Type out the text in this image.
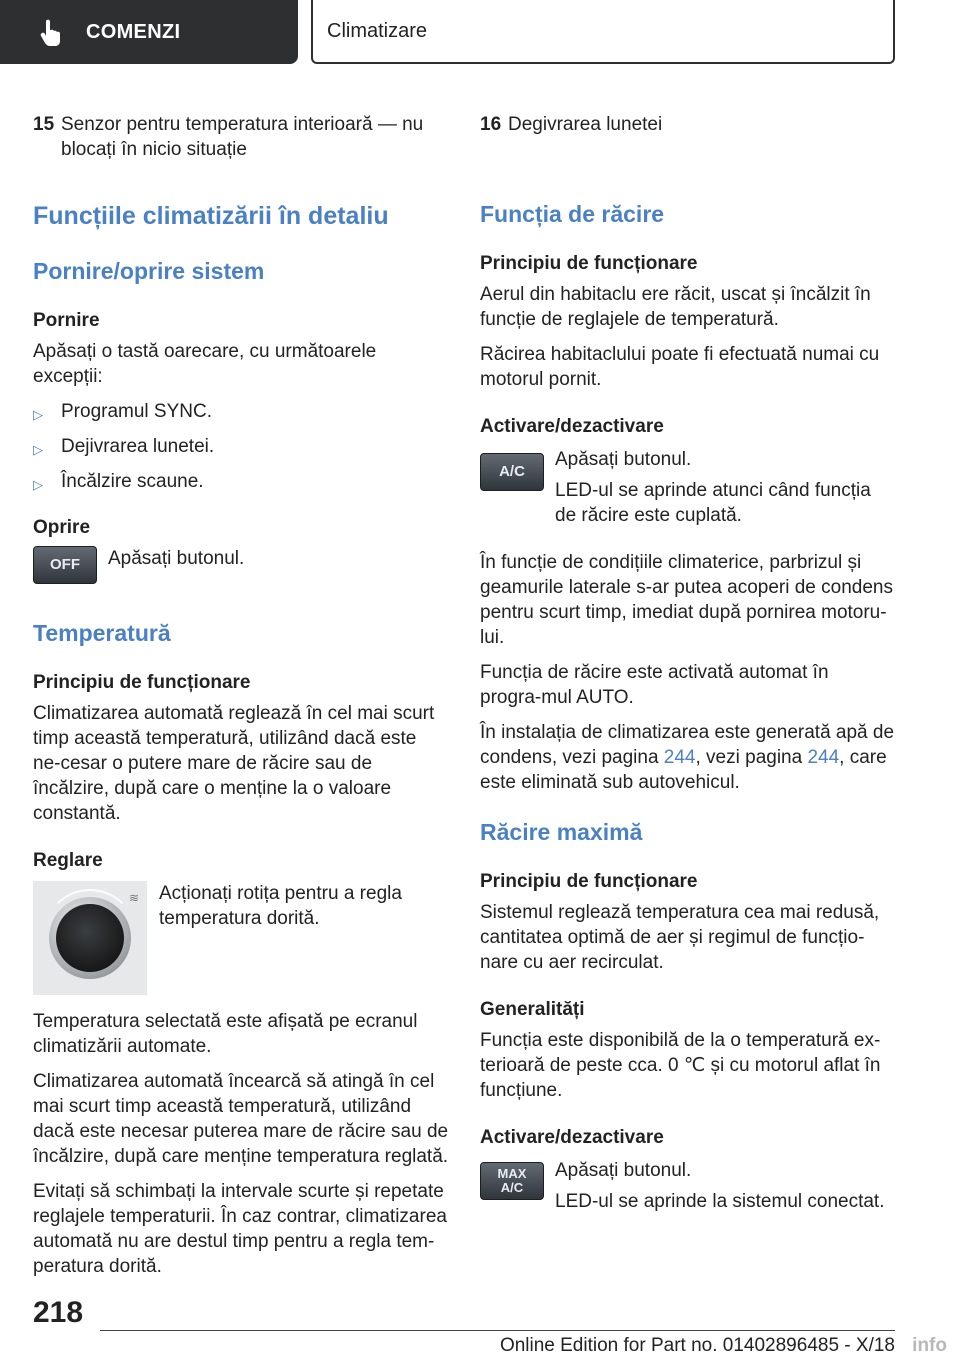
COMENZI	Climatizare
15 Senzor pentru temperatura interioară — nu blocați în nicio situație
Funcțiile climatizării în detaliu
Pornire/oprire sistem
Pornire

Apăsați o tastă oarecare, cu următoarele excepții:

▷ Programul SYNC.
▷ Dejivrarea lunetei.
▷ Încălzire scaune.
Oprire
OFF	Apăsați butonul.
Temperatură
Principiu de funcționare

Climatizarea automată reglează în cel mai scurt timp această temperatură, utilizând dacă este ne-cesar o putere mare de răcire sau de încălzire, după care o menține la o valoare constantă.

Reglare
≋ Acționați rotița pentru a regla temperatura dorită.

Temperatura selectată este afișată pe ecranul climatizării automate.

Climatizarea automată încearcă să atingă în cel mai scurt timp această temperatură, utilizând dacă este necesar puterea mare de răcire sau de încălzire, după care menține temperatura reglată.

Evitați să schimbați la intervale scurte și repetate reglajele temperaturii. În caz contrar, climatizarea automată nu are destul timp pentru a regla tem-peratura dorită.

16 Degivrarea lunetei
Funcția de răcire
Principiu de funcționare

Aerul din habitaclu ere răcit, uscat și încălzit în funcție de reglajele de temperatură.

Răcirea habitaclului poate fi efectuată numai cu motorul pornit.

Activare/dezactivare
A/C

Apăsați butonul.

LED-ul se aprinde atunci când funcția de răcire este cuplată.

În funcție de condițiile climaterice, parbrizul și geamurile laterale s-ar putea acoperi de condens pentru scurt timp, imediat după pornirea motoru-lui.

Funcția de răcire este activată automat în progra-mul AUTO.

În instalația de climatizarea este generată apă de condens, vezi pagina 244, vezi pagina 244, care este eliminată sub autovehicul.

Răcire maximă
Principiu de funcționare

Sistemul reglează temperatura cea mai redusă, cantitatea optimă de aer și regimul de funcțio-nare cu aer recirculat.

Generalități

Funcția este disponibilă de la o temperatură ex-terioară de peste cca. 0 ℃ și cu motorul aflat în funcțiune.

Activare/dezactivare
MAX
A/C

Apăsați butonul.

LED-ul se aprinde la sistemul conectat.

218
Online Edition for Part no. 01402896485 - X/18 info
